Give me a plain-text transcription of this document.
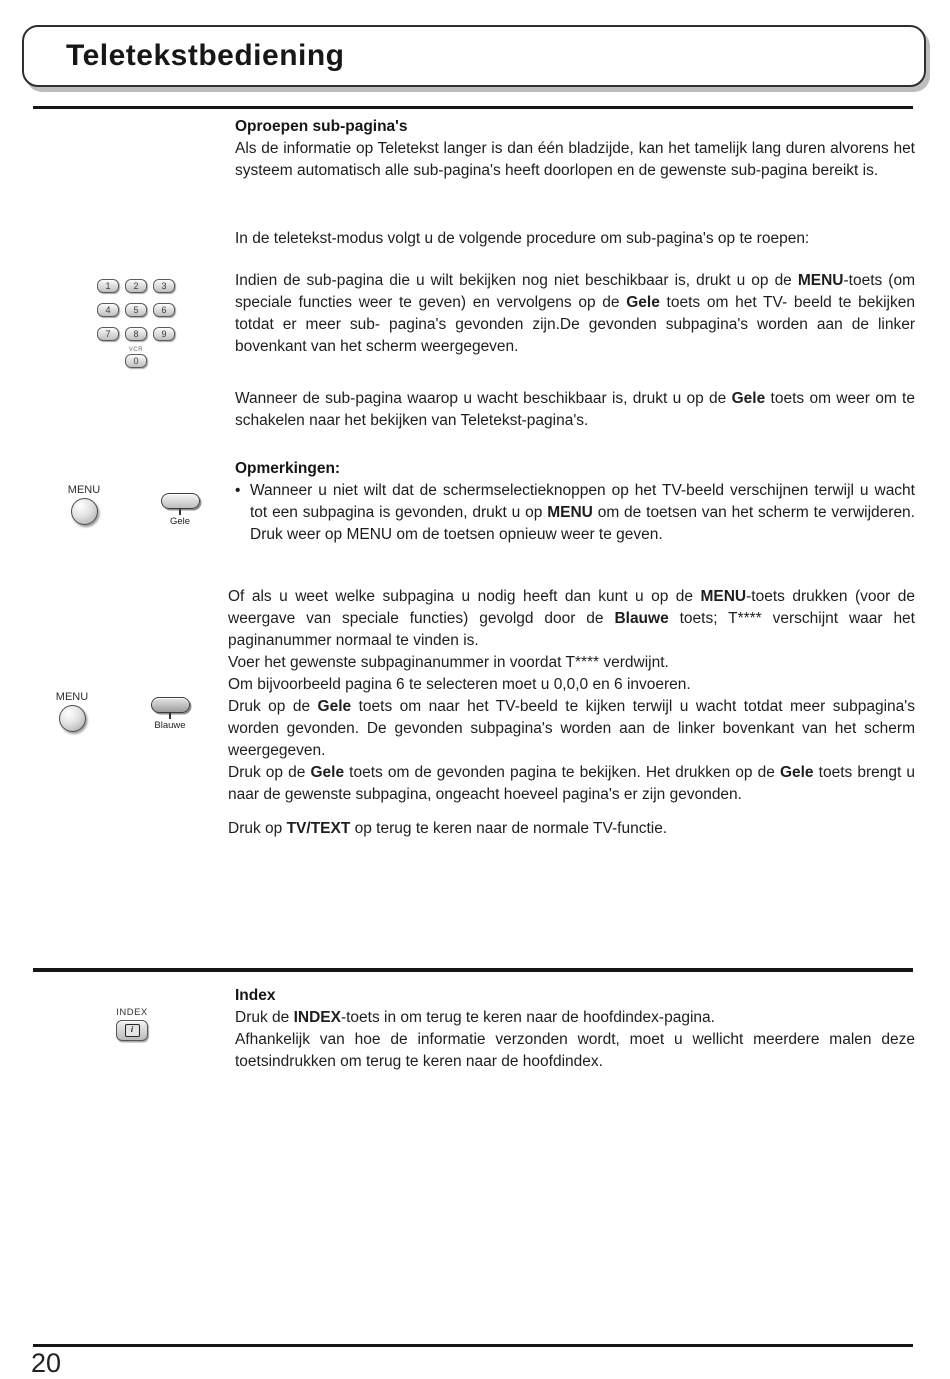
Teletekstbediening
1	2	3
4	5	6
7	8	9
VCR
0
MENU
Gele
MENU
Blauwe

Oproepen sub-pagina's

Als de informatie op Teletekst langer is dan één bladzijde, kan het tamelijk lang duren alvorens het systeem automatisch alle sub-pagina's heeft doorlopen en de gewenste sub-pagina bereikt is.

In de teletekst-modus volgt u de volgende procedure om sub-pagina's op te roepen:

Indien de sub-pagina die u wilt bekijken nog niet beschikbaar is, drukt u op de MENU-toets (om speciale functies weer te geven) en vervolgens op de Gele toets om het TV- beeld te bekijken totdat er meer sub- pagina's gevonden zijn.De gevonden subpagina's worden aan de linker bovenkant van het scherm weergegeven.

Wanneer de sub-pagina waarop u wacht beschikbaar is, drukt u op de Gele toets om weer om te schakelen naar het bekijken van Teletekst-pagina's.

Opmerkingen:

• Wanneer u niet wilt dat de schermselectieknoppen op het TV-beeld verschijnen terwijl u wacht tot een subpagina is gevonden, drukt u op MENU om de toetsen van het scherm te verwijderen. Druk weer op MENU om de toetsen opnieuw weer te geven.

Of als u weet welke subpagina u nodig heeft dan kunt u op de MENU-toets drukken (voor de weergave van speciale functies) gevolgd door de Blauwe toets; T**** verschijnt waar het paginanummer normaal te vinden is.

Voer het gewenste subpaginanummer in voordat T**** verdwijnt.

Om bijvoorbeeld pagina 6 te selecteren moet u 0,0,0 en 6 invoeren.

Druk op de Gele toets om naar het TV-beeld te kijken terwijl u wacht totdat meer subpagina's worden gevonden. De gevonden subpagina's worden aan de linker bovenkant van het scherm weergegeven.

Druk op de Gele toets om de gevonden pagina te bekijken. Het drukken op de Gele toets brengt u naar de gewenste subpagina, ongeacht hoeveel pagina's er zijn gevonden.

Druk op TV/TEXT op terug te keren naar de normale TV-functie.

INDEX
i

Index

Druk de INDEX-toets in om terug te keren naar de hoofdindex-pagina.

Afhankelijk van hoe de informatie verzonden wordt, moet u wellicht meerdere malen deze toetsindrukken om terug te keren naar de hoofdindex.

20
